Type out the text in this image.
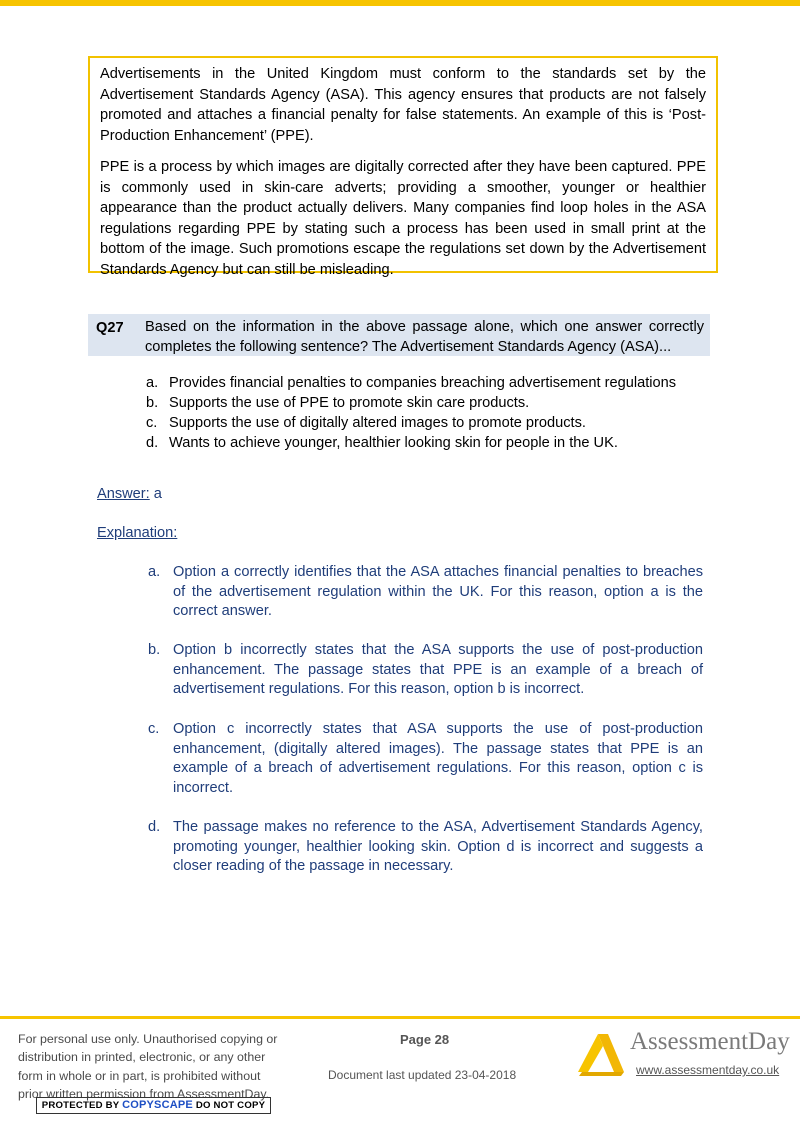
Advertisements in the United Kingdom must conform to the standards set by the Advertisement Standards Agency (ASA). This agency ensures that products are not falsely promoted and attaches a financial penalty for false statements. An example of this is ‘Post-Production Enhancement’ (PPE).

PPE is a process by which images are digitally corrected after they have been captured. PPE is commonly used in skin-care adverts; providing a smoother, younger or healthier appearance than the product actually delivers. Many companies find loop holes in the ASA regulations regarding PPE by stating such a process has been used in small print at the bottom of the image. Such promotions escape the regulations set down by the Advertisement Standards Agency but can still be misleading.

Q27 Based on the information in the above passage alone, which one answer correctly completes the following sentence? The Advertisement Standards Agency (ASA)...
a. Provides financial penalties to companies breaching advertisement regulations
b. Supports the use of PPE to promote skin care products.
c. Supports the use of digitally altered images to promote products.
d. Wants to achieve younger, healthier looking skin for people in the UK.
Answer: a
Explanation:
a. Option a correctly identifies that the ASA attaches financial penalties to breaches of the advertisement regulation within the UK. For this reason, option a is the correct answer.
b. Option b incorrectly states that the ASA supports the use of post-production enhancement. The passage states that PPE is an example of a breach of advertisement regulations. For this reason, option b is incorrect.
c. Option c incorrectly states that ASA supports the use of post-production enhancement, (digitally altered images). The passage states that PPE is an example of a breach of advertisement regulations. For this reason, option c is incorrect.
d. The passage makes no reference to the ASA, Advertisement Standards Agency, promoting younger, healthier looking skin. Option d is incorrect and suggests a closer reading of the passage in necessary.
For personal use only. Unauthorised copying or
distribution in printed, electronic, or any other
form in whole or in part, is prohibited without
prior written permission from AssessmentDay.
PROTECTED BY COPYSCAPE DO NOT COPY
Page 28
Document last updated 23-04-2018
AssessmentDay
www.assessmentday.co.uk
